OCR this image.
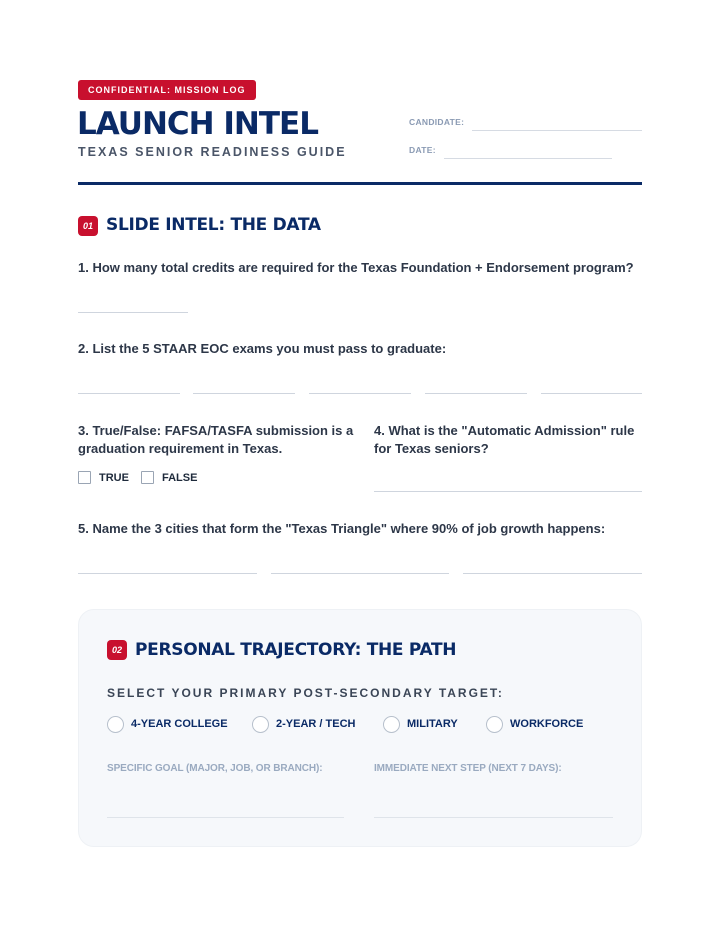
CONFIDENTIAL: MISSION LOG
LAUNCH INTEL
TEXAS SENIOR READINESS GUIDE
CANDIDATE:
DATE:
01 SLIDE INTEL: THE DATA
1. How many total credits are required for the Texas Foundation + Endorsement program?
2. List the 5 STAAR EOC exams you must pass to graduate:
3. True/False: FAFSA/TASFA submission is a graduation requirement in Texas.
TRUE	FALSE
4. What is the "Automatic Admission" rule for Texas seniors?
5. Name the 3 cities that form the "Texas Triangle" where 90% of job growth happens:
02 PERSONAL TRAJECTORY: THE PATH
SELECT YOUR PRIMARY POST-SECONDARY TARGET:
4-YEAR COLLEGE	2-YEAR / TECH	MILITARY	WORKFORCE
SPECIFIC GOAL (MAJOR, JOB, OR BRANCH):	IMMEDIATE NEXT STEP (NEXT 7 DAYS):
